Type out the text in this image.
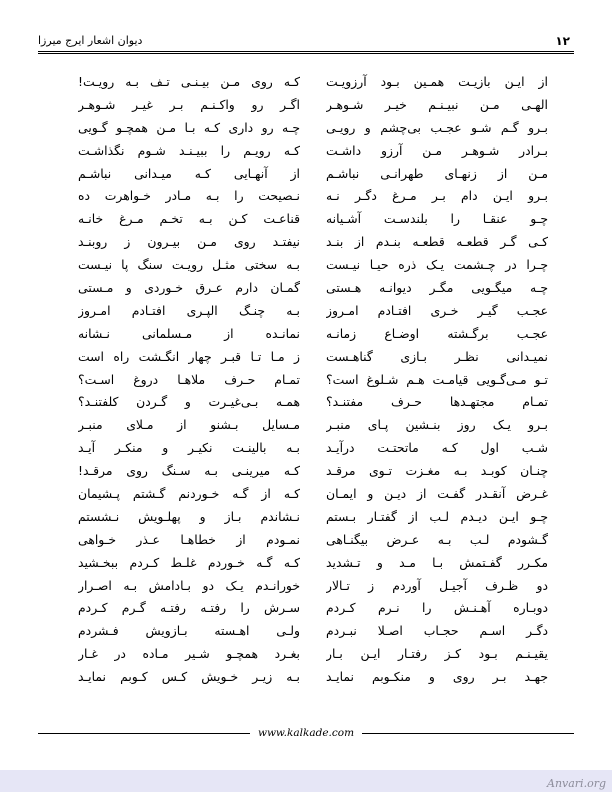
۱۲
دیوان اشعار ایرج میرزا
از ایـن بازیـت همـین بـود آرزویـت
کـه روی مـن بیـنـی تـف بـه رویـت!
الهـی مـن نبیـنـم خیـر شـوهـر
اگـر رو واکـنـم بـر غیـر شـوهـر
بـرو گـم شـو عجـب بی‌چشم و رویـی
چـه رو داری کـه بـا مـن همچـو گـویی
بـرادر شـوهـر مـن آرزو داشـت
کـه رویـم را ببیـنـد شـوم نگذاشـت
مـن از زنهـای طهرانـی نباشـم
از آنهـایی کـه میـدانی نباشـم
بـرو ایـن دام بـر مـرغ دگـر نـه
نـصیحت را بـه مـادر خـواهرت ده
چـو عنقـا را بلندسـت آشـیانه
قناعـت کـن بـه تخـم مـرغ خانـه
کـی گـر قطعـه قطعـه بنـدم از بنـد
نیفتـد روی مـن بیـرون ز روبنـد
چـرا در چـشمت یـک ذره حیـا نیـست
بـه سختی مثـل رویـت سنگ پا نیـست
چـه میگـویی مگـر دیوانـه هـستی
گمـان دارم عـرق خـوردی و مـستی
عجـب گیـر خـری افتـادم امـروز
بـه چنـگ الپـری افتـادم امـروز
عجـب برگـشته اوضـاع زمانـه
نمانـده از مـسلمانی نـشانه
نمیـدانی نظـر بـازی گناهـست
ز مـا تـا قبـر چهار انگـشت راه است
تـو مـی‌گـویی قیامـت هـم شـلوغ است؟
تمـام حـرف ملاهـا دروغ اسـت؟
تمـام مجتهـدها حـرف مفتنـد؟
همـه بـی‌غیـرت و گـردن کلفتنـد؟
بـرو یـک روز بنـشین پـای منبـر
مـسایل بـشنو از مـلای منبـر
شـب اول کـه ماتحتـت درآیـد
بـه بالینـت نکیـر و منکـر آیـد
چنـان کوبـد بـه مغـزت تـوی مرقـد
کـه میرینـی بـه سـنگ روی مرقـد!
غـرض آنقـدر گفـت از دیـن و ایمـان
کـه از گـه خـوردنم گـشتم پـشیمان
چـو ایـن دیـدم لـب از گفتـار بـستم
نـشاندم بـاز و پهلـویش نـشستم
گـشودم لـب بـه عـرض بیگنـاهی
نمـودم از خطاهـا عـذر خـواهی
مکـرر گفـتمش بـا مـد و تـشدید
کـه گـه خـوردم غلـط کـردم ببخـشید
دو ظـرف آجیـل آوردم ز تـالار
خورانـدم یـک دو بـادامش بـه اصـرار
دوبـاره آهـنـش را نـرم کـردم
سـرش را رفتـه رفتـه گـرم کـردم
دگـر اسـم حجـاب اصـلا نبـردم
ولـی اهـسته بـازویش فـشردم
یقیـنـم بـود کـز رفتـار ایـن بـار
بغـرد همچـو شـیر مـاده در غـار
جهـد بـر روی و منکـوبم نمایـد
بـه زیـر خـویش کـس کـوبم نمایـد
www.kalkade.com
Anvari.org
